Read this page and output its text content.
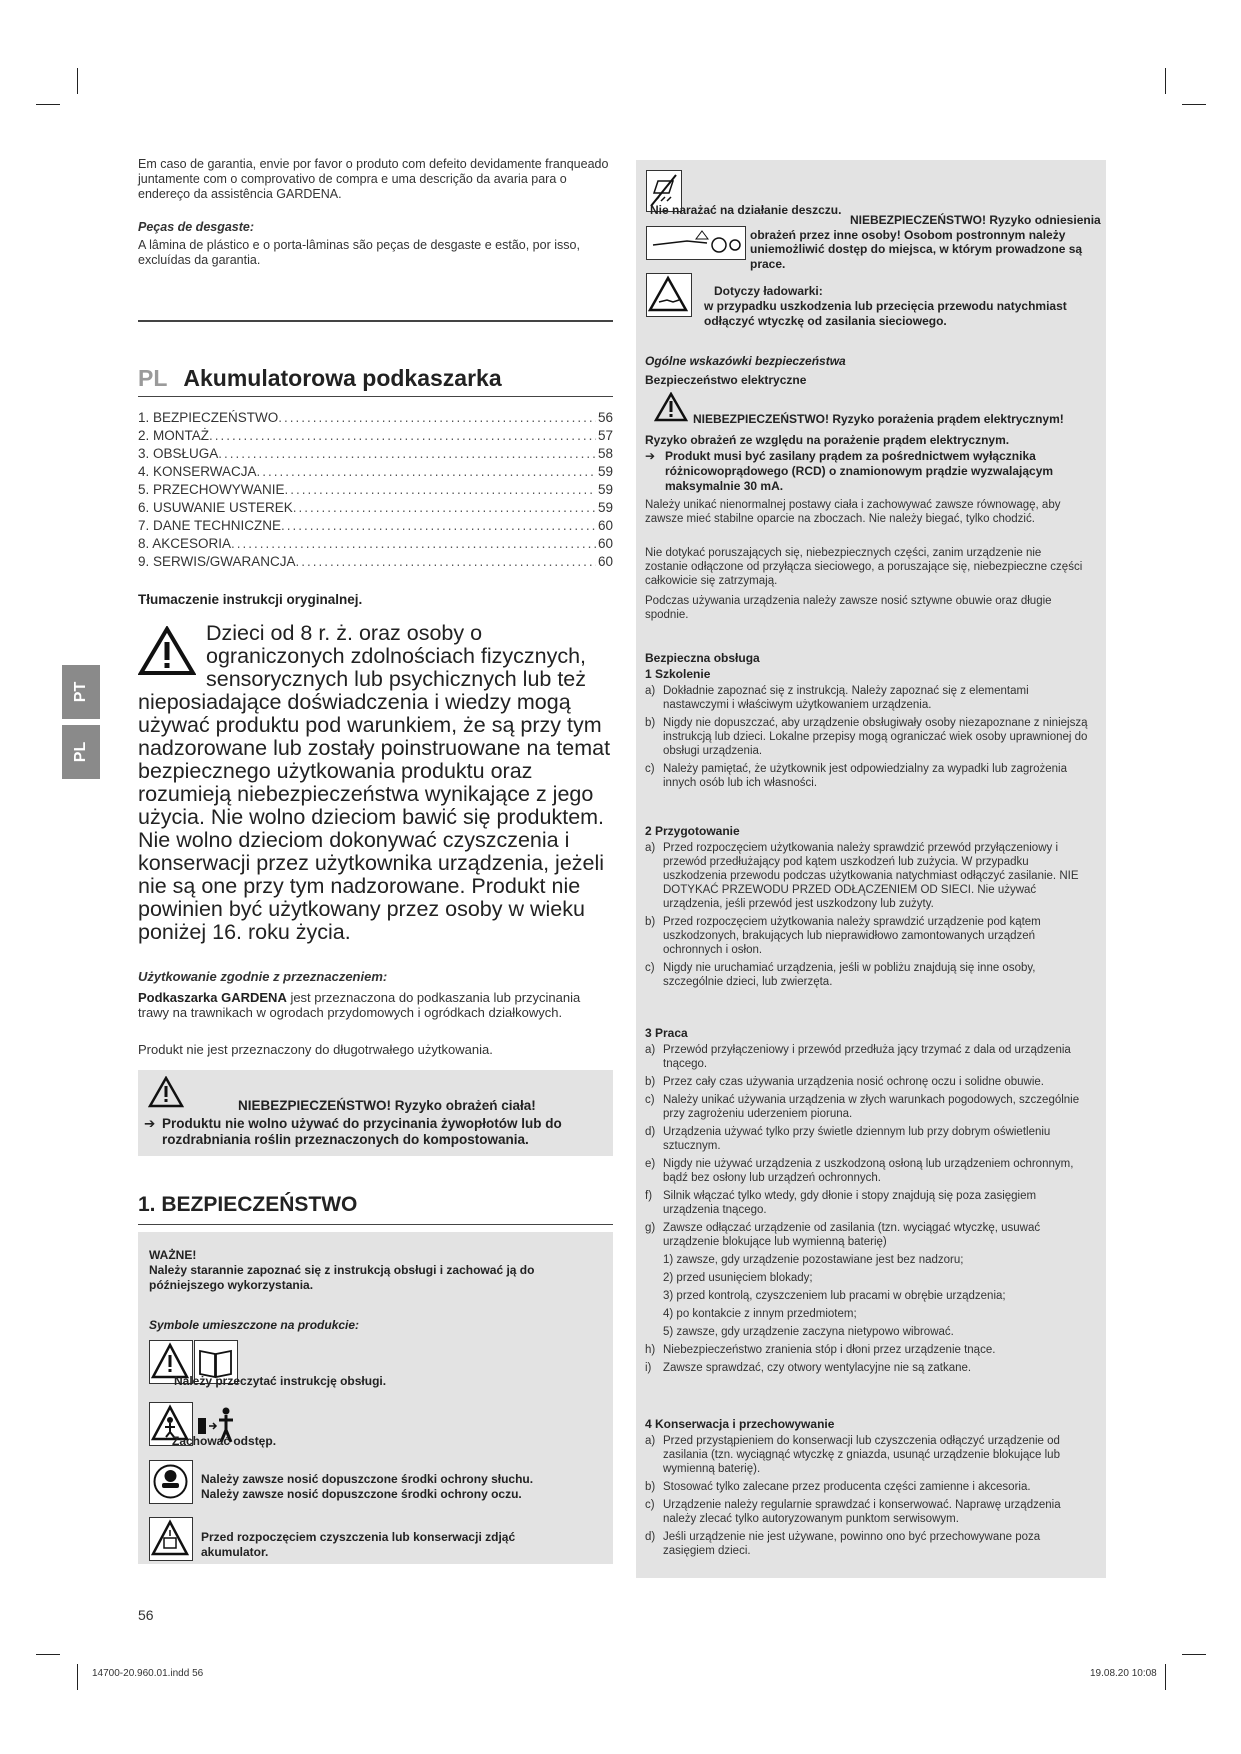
PT
PL
Em caso de garantia, envie por favor o produto com defeito devidamente franqueado juntamente com o comprovativo de compra e uma descrição da avaria para o endereço da assistência GARDENA.
Peças de desgaste:
A lâmina de plástico e o porta-lâminas são peças de desgaste e estão, por isso, excluídas da garantia.
PL Akumulatorowa podkaszarka
1. BEZPIECZEŃSTWO .....	56
2. MONTAŻ .....	57
3. OBSŁUGA .....	58
4. KONSERWACJA .....	59
5. PRZECHOWYWANIE .....	59
6. USUWANIE USTEREK .....	59
7. DANE TECHNICZNE .....	60
8. AKCESORIA .....	60
9. SERWIS/GWARANCJA .....	60
Tłumaczenie instrukcji oryginalnej.
Dzieci od 8 r. ż. oraz osoby o ograniczonych zdolnościach fizycznych, sensorycznych lub psychicznych lub też nieposiadające doświadczenia i wiedzy mogą używać produktu pod warunkiem, że są przy tym nadzorowane lub zostały poinstruowane na temat bezpiecznego użytkowania produktu oraz rozumieją niebezpieczeństwa wynikające z jego użycia. Nie wolno dzieciom bawić się produktem. Nie wolno dzieciom dokonywać czyszczenia i konserwacji przez użytkownika urządzenia, jeżeli nie są one przy tym nadzorowane. Produkt nie powinien być użytkowany przez osoby w wieku poniżej 16. roku życia.
Użytkowanie zgodnie z przeznaczeniem:
Podkaszarka GARDENA jest przeznaczona do podkaszania lub przycinania trawy na trawnikach w ogrodach przydomowych i ogródkach działkowych.
Produkt nie jest przeznaczony do długotrwałego użytkowania.
NIEBEZPIECZEŃSTWO! Ryzyko obrażeń ciała!
➔ Produktu nie wolno używać do przycinania żywopłotów lub do rozdrabniania roślin przeznaczonych do kompostowania.
1. BEZPIECZEŃSTWO
WAŻNE!
Należy starannie zapoznać się z instrukcją obsługi i zachować ją do późniejszego wykorzystania.
Symbole umieszczone na produkcie:
Należy przeczytać instrukcję obsługi.
Zachować odstęp.
Należy zawsze nosić dopuszczone środki ochrony słuchu.
Należy zawsze nosić dopuszczone środki ochrony oczu.
Przed rozpoczęciem czyszczenia lub konserwacji zdjąć akumulator.
56
Nie narażać na działanie deszczu.
NIEBEZPIECZEŃSTWO! Ryzyko odniesienia obrażeń przez inne osoby! Osobom postronnym należy uniemożliwić dostęp do miejsca, w którym prowadzone są prace.
Dotyczy ładowarki:
w przypadku uszkodzenia lub przecięcia przewodu natychmiast odłączyć wtyczkę od zasilania sieciowego.
Ogólne wskazówki bezpieczeństwa
Bezpieczeństwo elektryczne
NIEBEZPIECZEŃSTWO! Ryzyko porażenia prądem elektrycznym!
Ryzyko obrażeń ze względu na porażenie prądem elektrycznym.
➔ Produkt musi być zasilany prądem za pośrednictwem wyłącznika różnicowoprądowego (RCD) o znamionowym prądzie wyzwalającym maksymalnie 30 mA.
Należy unikać nienormalnej postawy ciała i zachowywać zawsze równowagę, aby zawsze mieć stabilne oparcie na zboczach. Nie należy biegać, tylko chodzić.
Nie dotykać poruszających się, niebezpiecznych części, zanim urządzenie nie zostanie odłączone od przyłącza sieciowego, a poruszające się, niebezpieczne części całkowicie się zatrzymają.
Podczas używania urządzenia należy zawsze nosić sztywne obuwie oraz długie spodnie.
Bezpieczna obsługa
1 Szkolenie
a) Dokładnie zapoznać się z instrukcją. Należy zapoznać się z elementami nastawczymi i właściwym użytkowaniem urządzenia.
b) Nigdy nie dopuszczać, aby urządzenie obsługiwały osoby niezapoznane z niniejszą instrukcją lub dzieci. Lokalne przepisy mogą ograniczać wiek osoby uprawnionej do obsługi urządzenia.
c) Należy pamiętać, że użytkownik jest odpowiedzialny za wypadki lub zagrożenia innych osób lub ich własności.
2 Przygotowanie
a) Przed rozpoczęciem użytkowania należy sprawdzić przewód przyłączeniowy i przewód przedłużający pod kątem uszkodzeń lub zużycia. W przypadku uszkodzenia przewodu podczas użytkowania natychmiast odłączyć zasilanie. NIE DOTYKAĆ PRZEWODU PRZED ODŁĄCZENIEM OD SIECI. Nie używać urządzenia, jeśli przewód jest uszkodzony lub zużyty.
b) Przed rozpoczęciem użytkowania należy sprawdzić urządzenie pod kątem uszkodzonych, brakujących lub nieprawidłowo zamontowanych urządzeń ochronnych i osłon.
c) Nigdy nie uruchamiać urządzenia, jeśli w pobliżu znajdują się inne osoby, szczególnie dzieci, lub zwierzęta.
3 Praca
a) Przewód przyłączeniowy i przewód przedłuża jący trzymać z dala od urządzenia tnącego.
b) Przez cały czas używania urządzenia nosić ochronę oczu i solidne obuwie.
c) Należy unikać używania urządzenia w złych warunkach pogodowych, szczególnie przy zagrożeniu uderzeniem pioruna.
d) Urządzenia używać tylko przy świetle dziennym lub przy dobrym oświetleniu sztucznym.
e) Nigdy nie używać urządzenia z uszkodzoną osłoną lub urządzeniem ochronnym, bądź bez osłony lub urządzeń ochronnych.
f) Silnik włączać tylko wtedy, gdy dłonie i stopy znajdują się poza zasięgiem urządzenia tnącego.
g) Zawsze odłączać urządzenie od zasilania (tzn. wyciągać wtyczkę, usuwać urządzenie blokujące lub wymienną baterię)
1) zawsze, gdy urządzenie pozostawiane jest bez nadzoru;
2) przed usunięciem blokady;
3) przed kontrolą, czyszczeniem lub pracami w obrębie urządzenia;
4) po kontakcie z innym przedmiotem;
5) zawsze, gdy urządzenie zaczyna nietypowo wibrować.
h) Niebezpieczeństwo zranienia stóp i dłoni przez urządzenie tnące.
i)	Zawsze sprawdzać, czy otwory wentylacyjne nie są zatkane.
4 Konserwacja i przechowywanie
a) Przed przystąpieniem do konserwacji lub czyszczenia odłączyć urządzenie od zasilania (tzn. wyciągnąć wtyczkę z gniazda, usunąć urządzenie blokujące lub wymienną baterię).
b) Stosować tylko zalecane przez producenta części zamienne i akcesoria.
c) Urządzenie należy regularnie sprawdzać i konserwować. Naprawę urządzenia należy zlecać tylko autoryzowanym punktom serwisowym.
d) Jeśli urządzenie nie jest używane, powinno ono być przechowywane poza zasięgiem dzieci.
14700-20.960.01.indd 56	19.08.20 10:08
